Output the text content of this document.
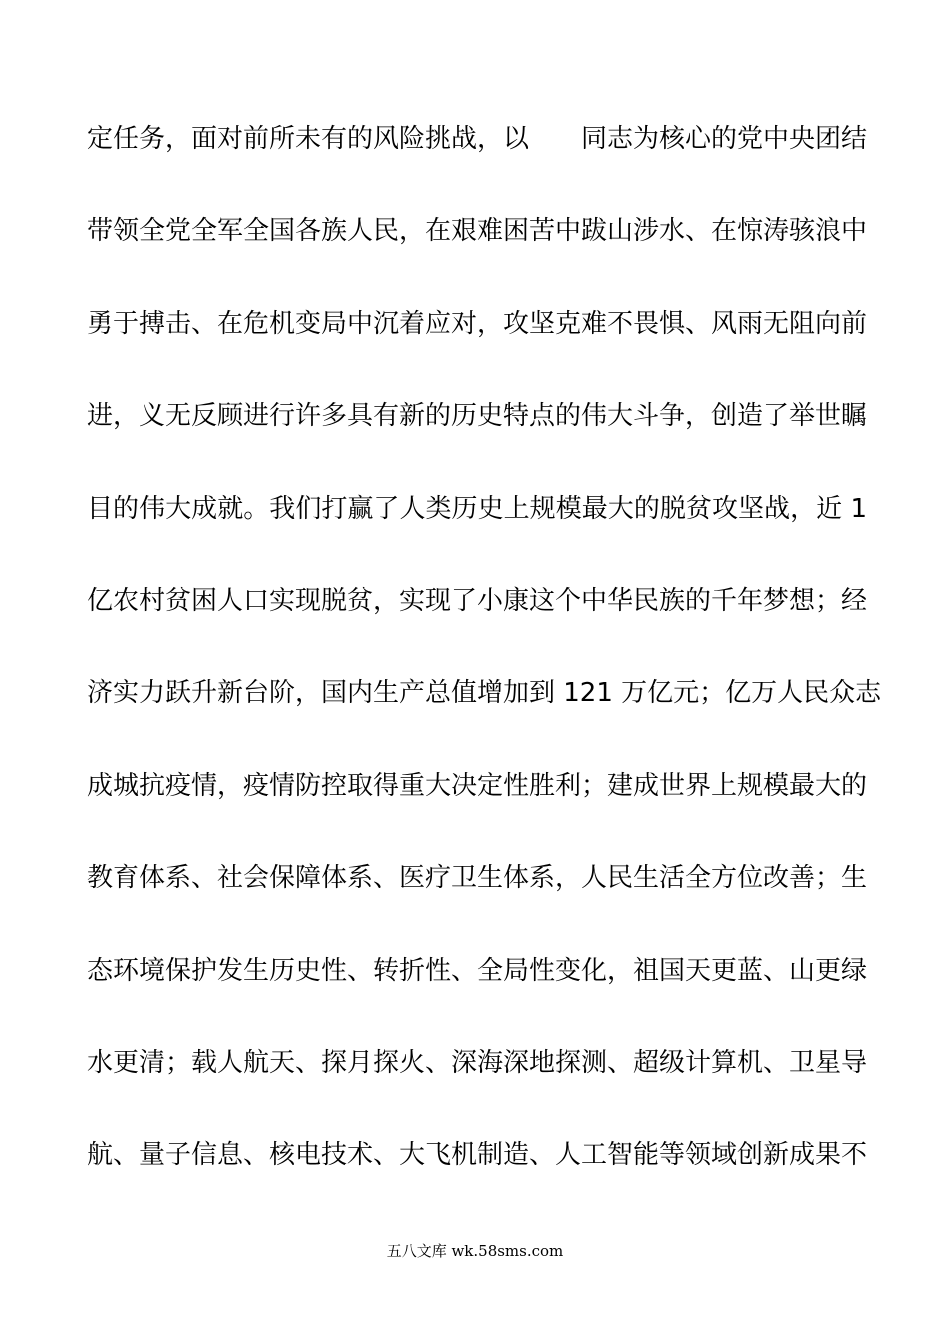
定任务，面对前所未有的风险挑战，以　　同志为核心的党中央团结
带领全党全军全国各族人民，在艰难困苦中跋山涉水、在惊涛骇浪中
勇于搏击、在危机变局中沉着应对，攻坚克难不畏惧、风雨无阻向前
进，义无反顾进行许多具有新的历史特点的伟大斗争，创造了举世瞩
目的伟大成就。我们打赢了人类历史上规模最大的脱贫攻坚战，近 1
亿农村贫困人口实现脱贫，实现了小康这个中华民族的千年梦想；经
济实力跃升新台阶，国内生产总值增加到 121 万亿元；亿万人民众志
成城抗疫情，疫情防控取得重大决定性胜利；建成世界上规模最大的
教育体系、社会保障体系、医疗卫生体系，人民生活全方位改善；生
态环境保护发生历史性、转折性、全局性变化，祖国天更蓝、山更绿
水更清；载人航天、探月探火、深海深地探测、超级计算机、卫星导
航、量子信息、核电技术、大飞机制造、人工智能等领域创新成果不
五八文库 wk.58sms.com
